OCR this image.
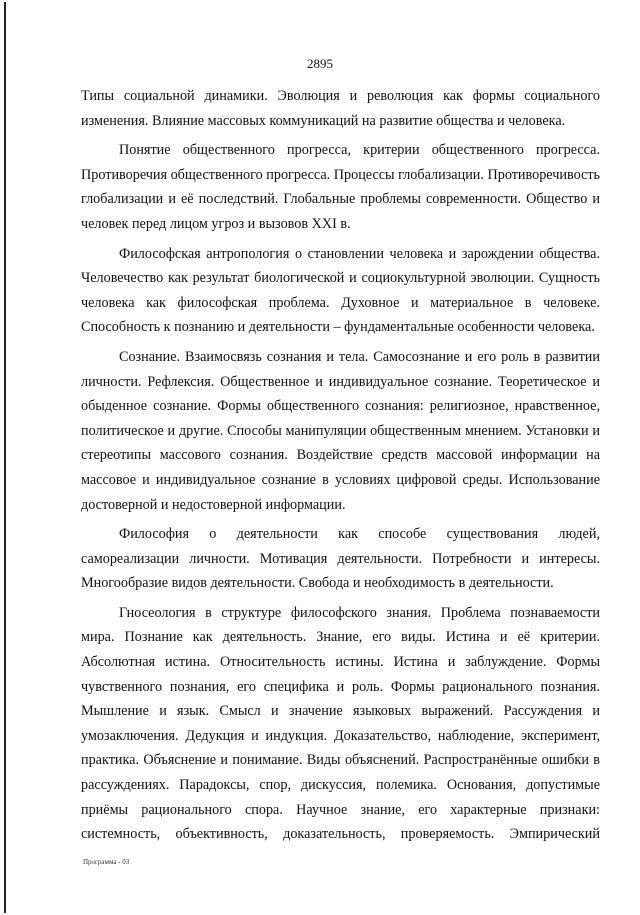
2895

Типы социальной динамики. Эволюция и революция как формы социального изменения. Влияние массовых коммуникаций на развитие общества и человека.

Понятие общественного прогресса, критерии общественного прогресса. Противоречия общественного прогресса. Процессы глобализации. Противоречивость глобализации и её последствий. Глобальные проблемы современности. Общество и человек перед лицом угроз и вызовов XXI в.

Философская антропология о становлении человека и зарождении общества. Человечество как результат биологической и социокультурной эволюции. Сущность человека как философская проблема. Духовное и материальное в человеке. Способность к познанию и деятельности – фундаментальные особенности человека.

Сознание. Взаимосвязь сознания и тела. Самосознание и его роль в развитии личности. Рефлексия. Общественное и индивидуальное сознание. Теоретическое и обыденное сознание. Формы общественного сознания: религиозное, нравственное, политическое и другие. Способы манипуляции общественным мнением. Установки и стереотипы массового сознания. Воздействие средств массовой информации на массовое и индивидуальное сознание в условиях цифровой среды. Использование достоверной и недостоверной информации.

Философия о деятельности как способе существования людей, самореализации личности. Мотивация деятельности. Потребности и интересы. Многообразие видов деятельности. Свобода и необходимость в деятельности.

Гносеология в структуре философского знания. Проблема познаваемости мира. Познание как деятельность. Знание, его виды. Истина и её критерии. Абсолютная истина. Относительность истины. Истина и заблуждение. Формы чувственного познания, его специфика и роль. Формы рационального познания. Мышление и язык. Смысл и значение языковых выражений. Рассуждения и умозаключения. Дедукция и индукция. Доказательство, наблюдение, эксперимент, практика. Объяснение и понимание. Виды объяснений. Распространённые ошибки в рассуждениях. Парадоксы, спор, дискуссия, полемика. Основания, допустимые приёмы рационального спора. Научное знание, его характерные признаки: системность, объективность, доказательность, проверяемость. Эмпирический

Программа - 03
